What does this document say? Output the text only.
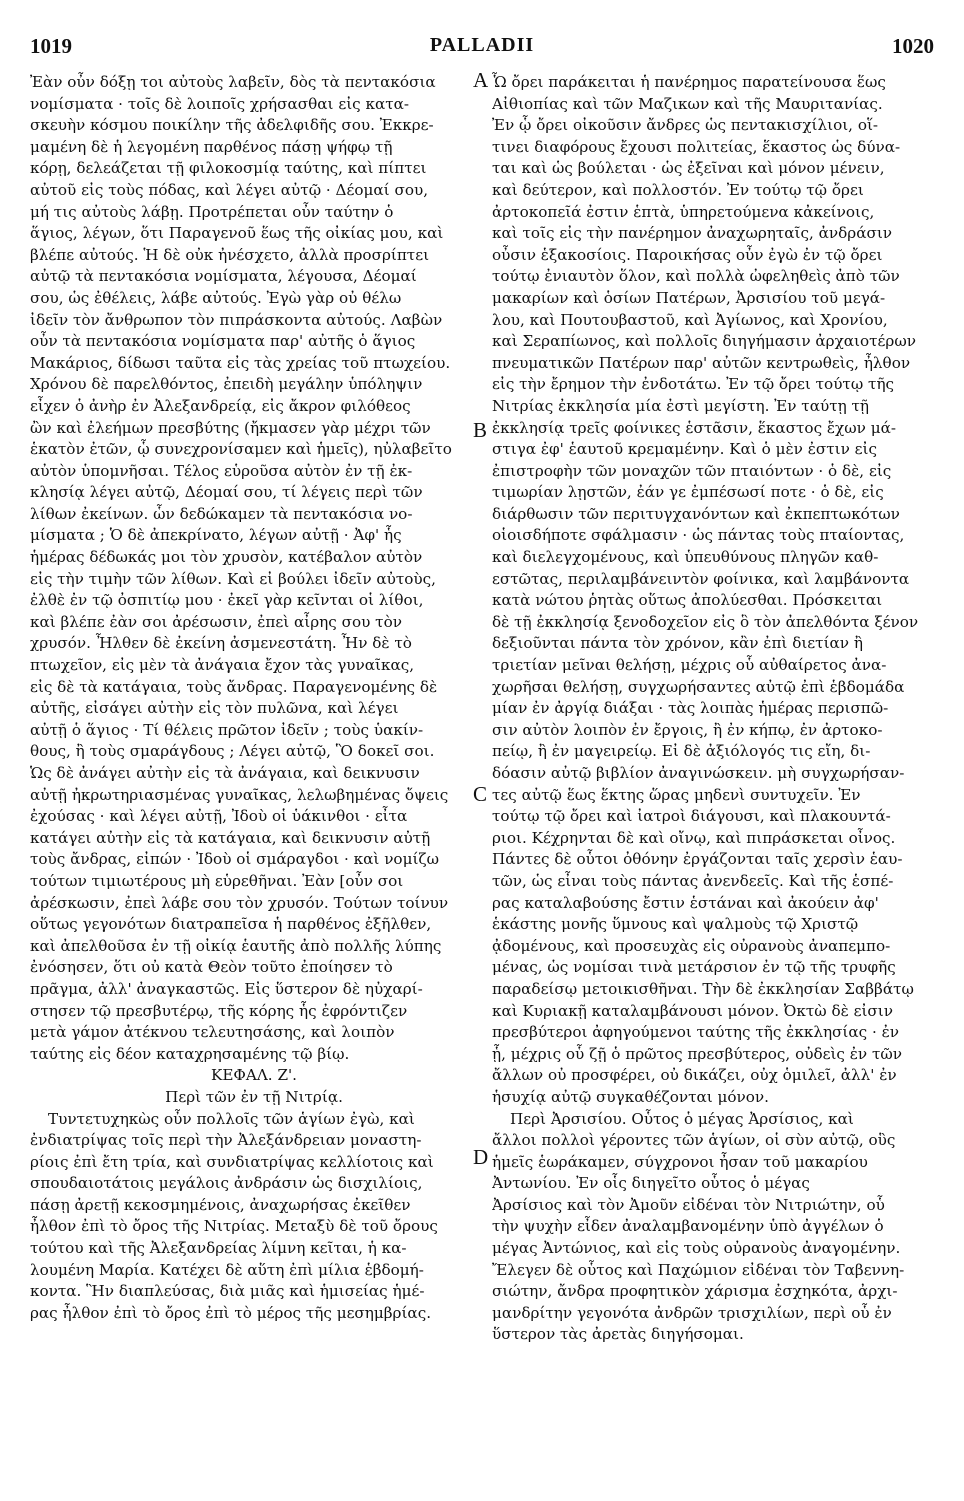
1019	PALLADII	1020
Ἐὰν οὖν δόξῃ τοι αὐτοὺς λαβεῖν, δὸς τὰ πεντακόσια
νομίσματα · τοῖς δὲ λοιποῖς χρήσασθαι εἰς κατα-
σκευὴν κόσμου ποικίλην τῆς ἀδελφιδῆς σου. Ἐκκρε-
μαμένη δὲ ἡ λεγομένη παρθένος πάσῃ ψήφῳ τῇ
κόρῃ, δελεάζεται τῇ φιλοκοσμίᾳ ταύτης, καὶ πίπτει
αὐτοῦ εἰς τοὺς πόδας, καὶ λέγει αὐτῷ · Δέομαί σου,
μή τις αὐτοὺς λάβῃ. Προτρέπεται οὖν ταύτην ὁ
ἅγιος, λέγων, ὅτι Παραγενοῦ ἕως τῆς οἰκίας μου, καὶ
βλέπε αὐτούς. Ἡ δὲ οὐκ ἠνέσχετο, ἀλλὰ προσρίπτει
αὐτῷ τὰ πεντακόσια νομίσματα, λέγουσα, Δέομαί
σου, ὡς ἐθέλεις, λάβε αὐτούς. Ἐγὼ γὰρ οὐ θέλω
ἰδεῖν τὸν ἄνθρωπον τὸν πιπράσκοντα αὐτούς. Λαβὼν
οὖν τὰ πεντακόσια νομίσματα παρ' αὐτῆς ὁ ἅγιος
Μακάριος, δίδωσι ταῦτα εἰς τὰς χρείας τοῦ πτωχείου.
Χρόνου δὲ παρελθόντος, ἐπειδὴ μεγάλην ὑπόληψιν
εἶχεν ὁ ἀνὴρ ἐν Ἀλεξανδρείᾳ, εἰς ἄκρον φιλόθεος
ὢν καὶ ἐλεήμων πρεσβύτης (ἤκμασεν γὰρ μέχρι τῶν
ἑκατὸν ἐτῶν, ᾧ συνεχρονίσαμεν καὶ ἡμεῖς), ηὐλαβεῖτο
αὐτὸν ὑπομνῆσαι. Τέλος εὑροῦσα αὐτὸν ἐν τῇ ἐκ-
κλησίᾳ λέγει αὐτῷ, Δέομαί σου, τί λέγεις περὶ τῶν
λίθων ἐκείνων. ὧν δεδώκαμεν τὰ πεντακόσια νο-
μίσματα ; Ὁ δὲ ἀπεκρίνατο, λέγων αὐτῇ · Ἀφ' ἧς
ἡμέρας δέδωκάς μοι τὸν χρυσὸν, κατέβαλον αὐτὸν
εἰς τὴν τιμὴν τῶν λίθων. Καὶ εἰ βούλει ἰδεῖν αὐτοὺς,
ἐλθὲ ἐν τῷ ὀσπιτίῳ μου · ἐκεῖ γὰρ κεῖνται οἱ λίθοι,
καὶ βλέπε ἐὰν σοι ἀρέσωσιν, ἐπεὶ αἶρης σου τὸν
χρυσόν. Ἦλθεν δὲ ἐκείνη ἀσμενεστάτη. Ἦν δὲ τὸ
πτωχεῖον, εἰς μὲν τὰ ἀνάγαια ἔχον τὰς γυναῖκας,
εἰς δὲ τὰ κατάγαια, τοὺς ἄνδρας. Παραγενομένης δὲ
αὐτῆς, εἰσάγει αὐτὴν εἰς τὸν πυλῶνα, καὶ λέγει
αὐτῇ ὁ ἅγιος · Τί θέλεις πρῶτον ἰδεῖν ; τοὺς ὑακίν-
θους, ἢ τοὺς σμαράγδους ; Λέγει αὐτῷ, Ὃ δοκεῖ σοι.
Ὡς δὲ ἀνάγει αὐτὴν εἰς τὰ ἀνάγαια, καὶ δεικνυσιν
αὐτῇ ἠκρωτηριασμένας γυναῖκας, λελωβημένας ὄψεις
ἐχούσας · καὶ λέγει αὐτῇ, Ἰδοὺ οἱ ὑάκινθοι · εἶτα
κατάγει αὐτὴν εἰς τὰ κατάγαια, καὶ δεικνυσιν αὐτῇ
τοὺς ἄνδρας, εἰπών · Ἰδοὺ οἱ σμάραγδοι · καὶ νομίζω
τούτων τιμιωτέρους μὴ εὑρεθῆναι. Ἐὰν [οὖν σοι
ἀρέσκωσιν, ἐπεὶ λάβε σου τὸν χρυσόν. Τούτων τοίνυν
οὕτως γεγονότων διατραπεῖσα ἡ παρθένος ἐξῆλθεν,
καὶ ἀπελθοῦσα ἐν τῇ οἰκίᾳ ἑαυτῆς ἀπὸ πολλῆς λύπης
ἐνόσησεν, ὅτι οὐ κατὰ Θεὸν τοῦτο ἐποίησεν τὸ
πρᾶγμα, ἀλλ' ἀναγκαστῶς. Εἰς ὕστερον δὲ ηὐχαρί-
στησεν τῷ πρεσβυτέρῳ, τῆς κόρης ἧς ἐφρόντιζεν
μετὰ γάμον ἀτέκνου τελευτησάσης, καὶ λοιπὸν
ταύτης εἰς δέον καταχρησαμένης τῷ βίῳ.
ΚΕΦΑΛ. Ζ'.
Περὶ τῶν ἐν τῇ Νιτρίᾳ.
Τυντετυχηκὼς οὖν πολλοῖς τῶν ἁγίων ἐγὼ, καὶ
ἐνδιατρίψας τοῖς περὶ τὴν Ἀλεξάνδρειαν μοναστη-
ρίοις ἐπὶ ἔτη τρία, καὶ συνδιατρίψας κελλίοτοις καὶ
σπουδαιοτάτοις μεγάλοις ἀνδράσιν ὡς δισχιλίοις,
πάσῃ ἀρετῇ κεκοσμημένοις, ἀναχωρήσας ἐκεῖθεν
ἦλθον ἐπὶ τὸ ὄρος τῆς Νιτρίας. Μεταξὺ δὲ τοῦ ὄρους
τούτου καὶ τῆς Ἀλεξανδρείας λίμνη κεῖται, ἡ κα-
λουμένη Μαρία. Κατέχει δὲ αὕτη ἐπὶ μίλια ἑβδομή-
κοντα. Ἣν διαπλεύσας, διὰ μιᾶς καὶ ἡμισείας ἡμέ-
ρας ἦλθον ἐπὶ τὸ ὄρος ἐπὶ τὸ μέρος τῆς μεσημβρίας.
Ὧ ὄρει παράκειται ἡ πανέρημος παρατείνουσα ἕως
Αἰθιοπίας καὶ τῶν Μαζικων καὶ τῆς Μαυριτανίας.
Ἐν ᾧ ὄρει οἰκοῦσιν ἄνδρες ὡς πεντακισχίλιοι, οἵ-
τινει διαφόρους ἔχουσι πολιτείας, ἕκαστος ὡς δύνα-
ται καὶ ὡς βούλεται · ὡς ἐξεῖναι καὶ μόνον μένειν,
καὶ δεύτερον, καὶ πολλοστόν. Ἐν τούτῳ τῷ ὄρει
ἀρτοκοπεῖά ἐστιν ἑπτὰ, ὑπηρετούμενα κἀκείνοις,
καὶ τοῖς εἰς τὴν πανέρημον ἀναχωρηταῖς, ἀνδράσιν
οὖσιν ἑξακοσίοις. Παροικήσας οὖν ἐγὼ ἐν τῷ ὄρει
τούτῳ ἐνιαυτὸν ὅλον, καὶ πολλὰ ὠφεληθεὶς ἀπὸ τῶν
μακαρίων καὶ ὁσίων Πατέρων, Ἀρσισίου τοῦ μεγά-
λου, καὶ Πουτουβαστοῦ, καὶ Ἀγίωνος, καὶ Χρονίου,
καὶ Σεραπίωνος, καὶ πολλοῖς διηγήμασιν ἀρχαιοτέρων
πνευματικῶν Πατέρων παρ' αὐτῶν κεντρωθεὶς, ἦλθον
εἰς τὴν ἔρημον τὴν ἐνδοτάτω. Ἐν τῷ ὄρει τούτῳ τῆς
Νιτρίας ἐκκλησία μία ἐστὶ μεγίστη. Ἐν ταύτῃ τῇ
ἐκκλησίᾳ τρεῖς φοίνικες ἑστᾶσιν, ἕκαστος ἔχων μά-
στιγα ἐφ' ἑαυτοῦ κρεμαμένην. Καὶ ὁ μὲν ἐστιν εἰς
ἐπιστροφὴν τῶν μοναχῶν τῶν πταιόντων · ὁ δὲ, εἰς
τιμωρίαν λῃστῶν, ἐάν γε ἐμπέσωσί ποτε · ὁ δὲ, εἰς
διάρθωσιν τῶν περιτυγχανόντων καὶ ἐκπεπτωκότων
οἱοισδήποτε σφάλμασιν · ὡς πάντας τοὺς πταίοντας,
καὶ διελεγχομένους, καὶ ὑπευθύνους πληγῶν καθ-
εστῶτας, περιλαμβάνειντὸν φοίνικα, καὶ λαμβάνοντα
κατὰ νώτου ῥητὰς οὕτως ἀπολύεσθαι. Πρόσκειται
δὲ τῇ ἐκκλησίᾳ ξενοδοχεῖον εἰς ὃ τὸν ἀπελθόντα ξένον
δεξιοῦνται πάντα τὸν χρόνον, κἂν ἐπὶ διετίαν ἢ
τριετίαν μεῖναι θελήσῃ, μέχρις οὗ αὐθαίρετος ἀνα-
χωρῆσαι θελήσῃ, συγχωρήσαντες αὐτῷ ἐπὶ ἑβδομάδα
μίαν ἐν ἀργίᾳ διάξαι · τὰς λοιπὰς ἡμέρας περισπῶ-
σιν αὐτὸν λοιπὸν ἐν ἔργοις, ἢ ἐν κήπῳ, ἐν ἀρτοκο-
πείῳ, ἢ ἐν μαγειρείῳ. Εἰ δὲ ἀξιόλογός τις εἴη, δι-
δόασιν αὐτῷ βιβλίον ἀναγινώσκειν. μὴ συγχωρήσαν-
τες αὐτῷ ἕως ἕκτης ὥρας μηδενὶ συντυχεῖν. Ἐν
τούτῳ τῷ ὄρει καὶ ἰατροὶ διάγουσι, καὶ πλακουντά-
ριοι. Κέχρηνται δὲ καὶ οἴνῳ, καὶ πιπράσκεται οἶνος.
Πάντες δὲ οὗτοι ὀθόνην ἐργάζονται ταῖς χερσὶν ἑαυ-
τῶν, ὡς εἶναι τοὺς πάντας ἀνενδεεῖς. Καὶ τῆς ἑσπέ-
ρας καταλαβούσης ἔστιν ἑστάναι καὶ ἀκούειν ἀφ'
ἑκάστης μονῆς ὕμνους καὶ ψαλμοὺς τῷ Χριστῷ
ᾀδομένους, καὶ προσευχὰς εἰς οὐρανοὺς ἀναπεμπο-
μένας, ὡς νομίσαι τινὰ μετάρσιον ἐν τῷ τῆς τρυφῆς
παραδείσῳ μετοικισθῆναι. Τὴν δὲ ἐκκλησίαν Σαββάτῳ
καὶ Κυριακῇ καταλαμβάνουσι μόνον. Ὀκτὼ δὲ εἰσιν
πρεσβύτεροι ἀφηγούμενοι ταύτης τῆς ἐκκλησίας · ἐν
ᾗ, μέχρις οὗ ζῇ ὁ πρῶτος πρεσβύτερος, οὐδεὶς ἐν τῶν
ἄλλων οὐ προσφέρει, οὐ δικάζει, οὐχ ὁμιλεῖ, ἀλλ' ἐν
ἡσυχίᾳ αὐτῷ συγκαθέζονται μόνον.
Περὶ Ἀρσισίου. Οὗτος ὁ μέγας Ἀρσίσιος, καὶ
ἄλλοι πολλοὶ γέροντες τῶν ἁγίων, οἱ σὺν αὐτῷ, οὓς
ἡμεῖς ἑωράκαμεν, σύγχρονοι ἦσαν τοῦ μακαρίου
Ἀντωνίου. Ἐν οἷς διηγεῖτο οὗτος ὁ μέγας
Ἀρσίσιος καὶ τὸν Ἀμοῦν εἰδέναι τὸν Νιτριώτην, οὗ
τὴν ψυχὴν εἶδεν ἀναλαμβανομένην ὑπὸ ἀγγέλων ὁ
μέγας Ἀντώνιος, καὶ εἰς τοὺς οὐρανοὺς ἀναγομένην.
Ἔλεγεν δὲ οὗτος καὶ Παχώμιον εἰδέναι τὸν Ταβεννη-
σιώτην, ἄνδρα προφητικὸν χάρισμα ἐσχηκότα, ἀρχι-
μανδρίτην γεγονότα ἀνδρῶν τρισχιλίων, περὶ οὗ ἐν
ὕστερον τὰς ἀρετὰς διηγήσομαι.
A
B
C
D
